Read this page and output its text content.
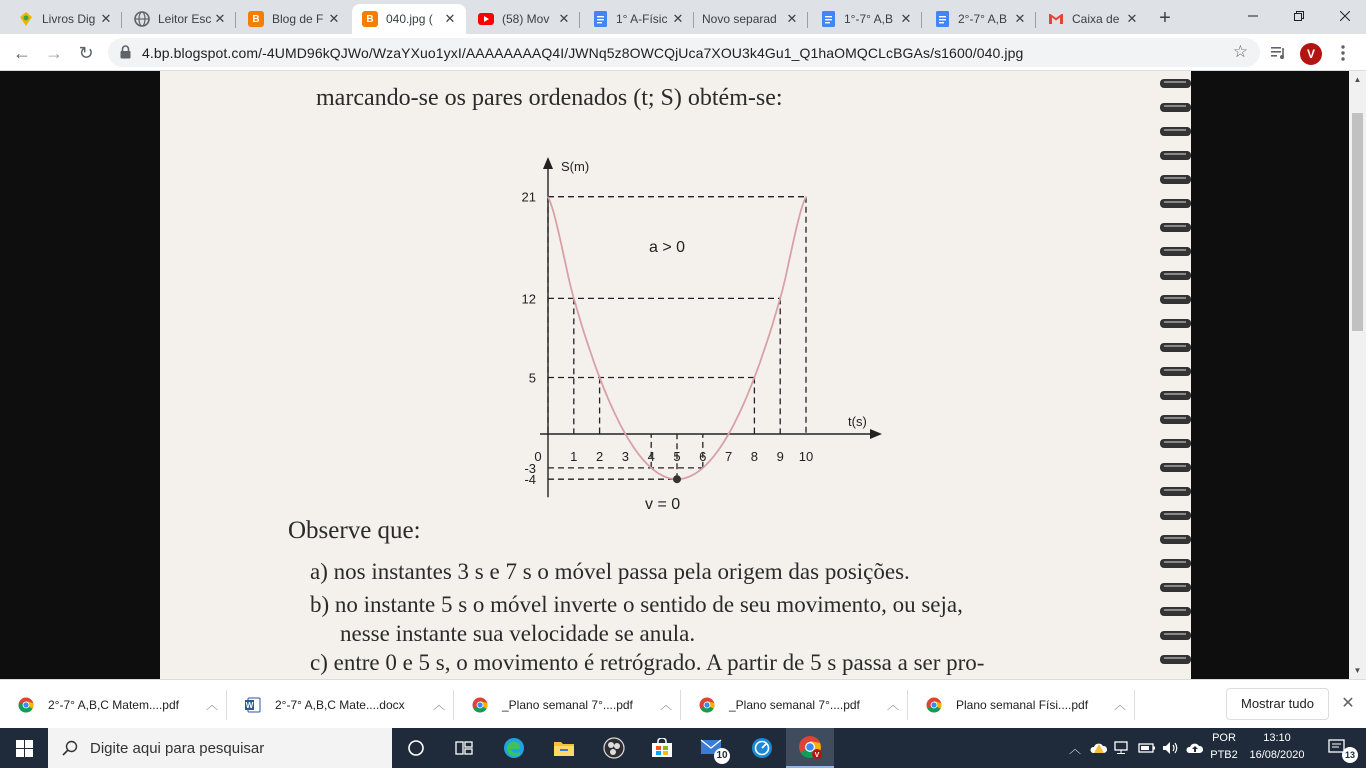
Livros Dig ✕	Leitor Esc ✕	B	Blog de F ✕	B	040.jpg ( ✕	(58) Mov ✕	1° A-Físic ✕ Novo separad ✕	1°-7° A,B ✕	2°-7° A,B ✕	Caixa de ✕	+
← → ↻	4.bp.blogspot.com/-4UMD96kQJWo/WzaYXuo1yxI/AAAAAAAAQ4I/JWNq5z8OWCQjUca7XOU3k4Gu1_Q1haOMQCLcBGAs/s1600/040.jpg	☆	V
marcando-se os pares ordenados (t; S) obtém-se:
0 1 2 3 4 5 6 7 8 9 10
21
12
5
-3
-4
S(m)
t(s)
a > 0
v = 0
Observe que:
a) nos instantes 3 s e 7 s o móvel passa pela origem das posições.
b) no instante 5 s o móvel inverte o sentido de seu movimento, ou seja,
nesse instante sua velocidade se anula.
c) entre 0 e 5 s, o movimento é retrógrado. A partir de 5 s passa a ser pro-
▲
▼
2°-7° A,B,C Matem....pdf	︿	W 2°-7° A,B,C Mate....docx	︿	_Plano semanal 7°....pdf	︿	_Plano semanal 7°....pdf	︿	Plano semanal Físi....pdf	︿	Mostrar tudo	✕
Digite aqui para pesquisar	10	V	︿
POR
PTB2
13:10
16/08/2020	13
